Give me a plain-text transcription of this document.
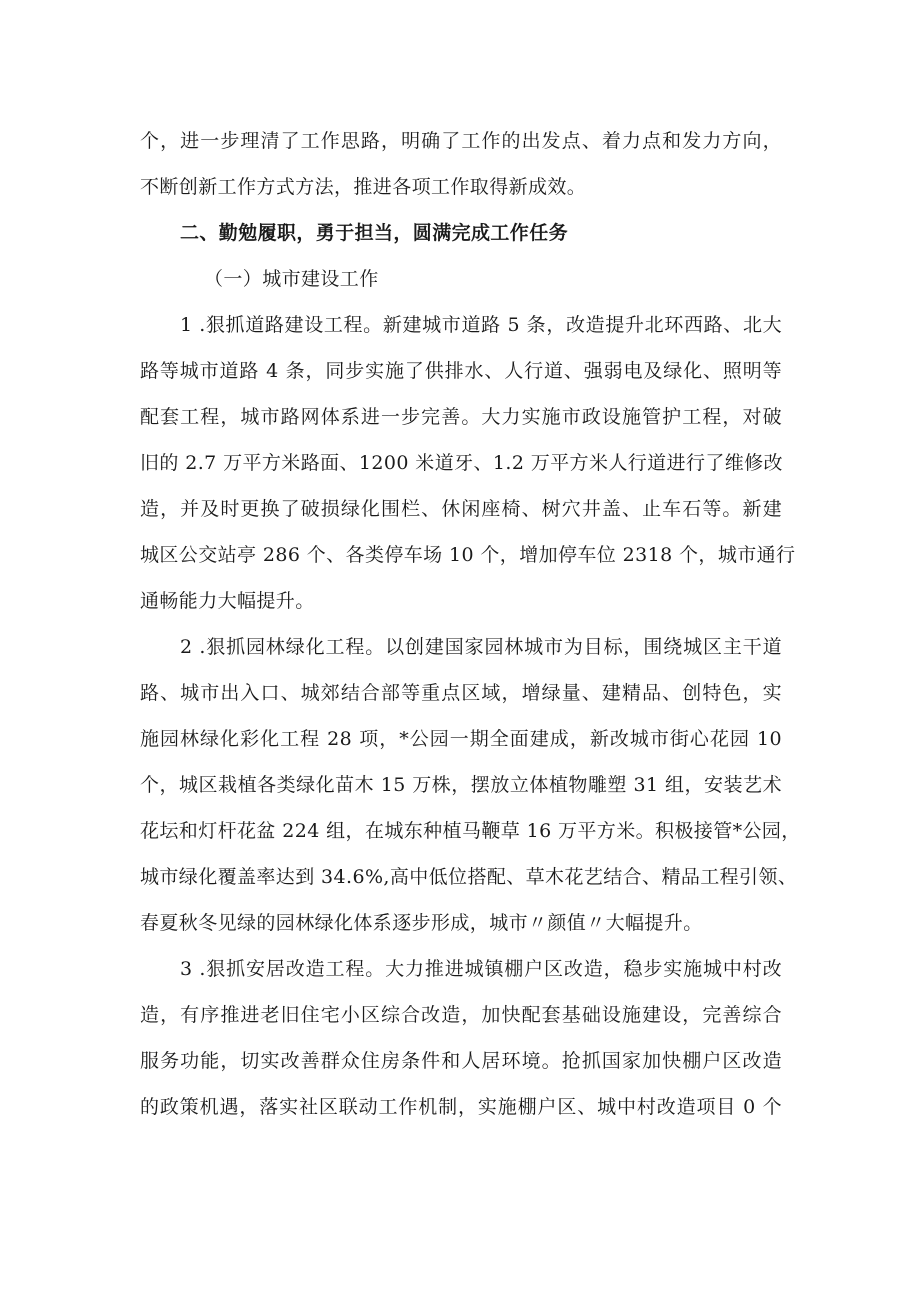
个，进一步理清了工作思路，明确了工作的出发点、着力点和发力方向，
不断创新工作方式方法，推进各项工作取得新成效。
二、勤勉履职，勇于担当，圆满完成工作任务
（一）城市建设工作
1 .狠抓道路建设工程。新建城市道路 5 条，改造提升北环西路、北大
路等城市道路 4 条，同步实施了供排水、人行道、强弱电及绿化、照明等
配套工程，城市路网体系进一步完善。大力实施市政设施管护工程，对破
旧的 2.7 万平方米路面、1200 米道牙、1.2 万平方米人行道进行了维修改
造，并及时更换了破损绿化围栏、休闲座椅、树穴井盖、止车石等。新建
城区公交站亭 286 个、各类停车场 10 个，增加停车位 2318 个，城市通行
通畅能力大幅提升。
2 .狠抓园林绿化工程。以创建国家园林城市为目标，围绕城区主干道
路、城市出入口、城郊结合部等重点区域，增绿量、建精品、创特色，实
施园林绿化彩化工程 28 项，*公园一期全面建成，新改城市街心花园 10
个，城区栽植各类绿化苗木 15 万株，摆放立体植物雕塑 31 组，安装艺术
花坛和灯杆花盆 224 组，在城东种植马鞭草 16 万平方米。积极接管*公园，
城市绿化覆盖率达到 34.6%,高中低位搭配、草木花艺结合、精品工程引领、
春夏秋冬见绿的园林绿化体系逐步形成，城市〃颜值〃大幅提升。
3 .狠抓安居改造工程。大力推进城镇棚户区改造，稳步实施城中村改
造，有序推进老旧住宅小区综合改造，加快配套基础设施建设，完善综合
服务功能，切实改善群众住房条件和人居环境。抢抓国家加快棚户区改造
的政策机遇，落实社区联动工作机制，实施棚户区、城中村改造项目 0 个
